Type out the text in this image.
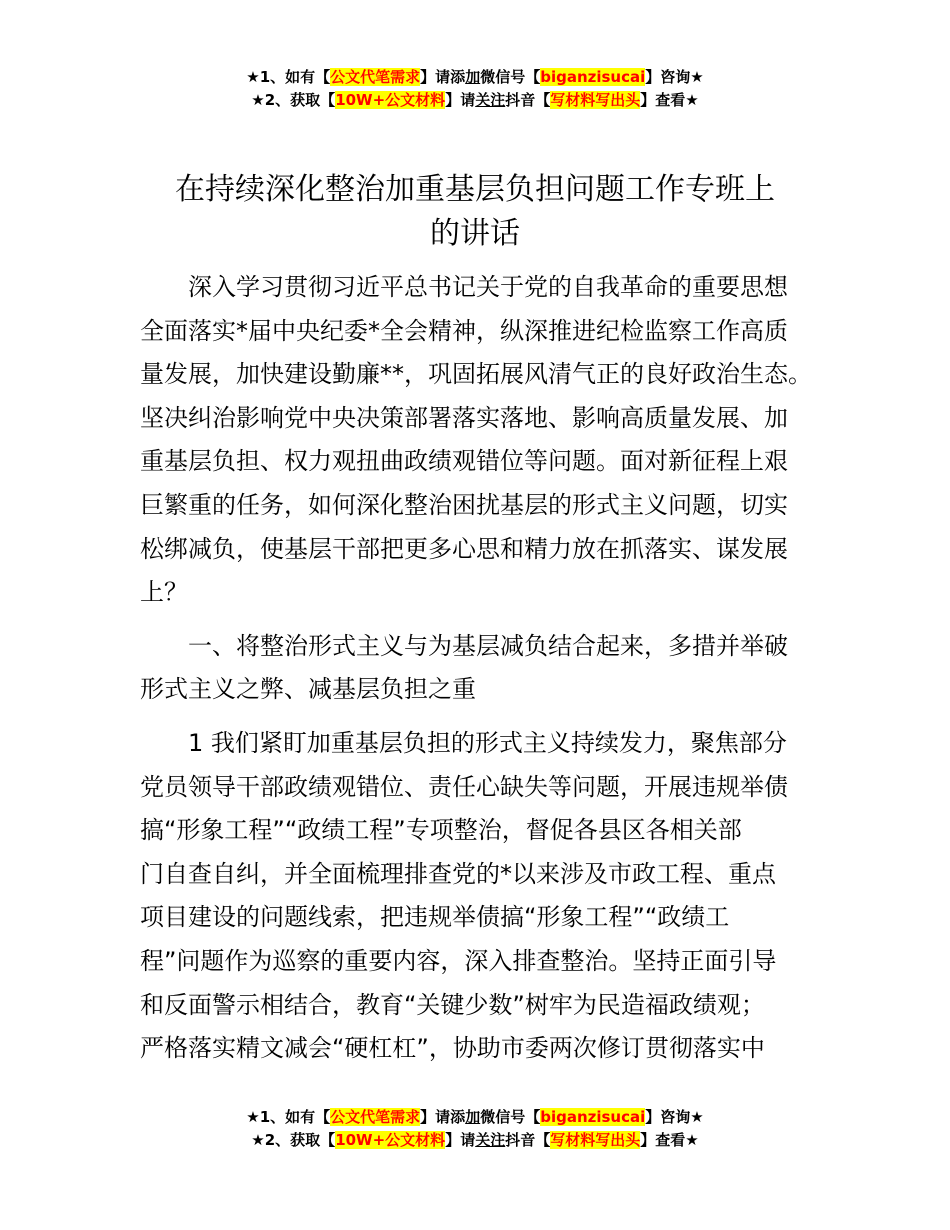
★1、如有【公文代笔需求】请添加微信号【biganzisucai】咨询★
★2、获取【10W+公文材料】请关注抖音【写材料写出头】查看★
在持续深化整治加重基层负担问题工作专班上
的讲话
深入学习贯彻习近平总书记关于党的自我革命的重要思想
全面落实*届中央纪委*全会精神，纵深推进纪检监察工作高质
量发展，加快建设勤廉**，巩固拓展风清气正的良好政治生态。
坚决纠治影响党中央决策部署落实落地、影响高质量发展、加
重基层负担、权力观扭曲政绩观错位等问题。面对新征程上艰
巨繁重的任务，如何深化整治困扰基层的形式主义问题，切实
松绑减负，使基层干部把更多心思和精力放在抓落实、谋发展
上？
一、将整治形式主义与为基层减负结合起来，多措并举破
形式主义之弊、减基层负担之重
1 我们紧盯加重基层负担的形式主义持续发力，聚焦部分
党员领导干部政绩观错位、责任心缺失等问题，开展违规举债
搞“形象工程”“政绩工程”专项整治，督促各县区各相关部
门自查自纠，并全面梳理排查党的*以来涉及市政工程、重点
项目建设的问题线索，把违规举债搞“形象工程”“政绩工
程”问题作为巡察的重要内容，深入排查整治。坚持正面引导
和反面警示相结合，教育“关键少数”树牢为民造福政绩观；
严格落实精文减会“硬杠杠”，协助市委两次修订贯彻落实中
★1、如有【公文代笔需求】请添加微信号【biganzisucai】咨询★
★2、获取【10W+公文材料】请关注抖音【写材料写出头】查看★
